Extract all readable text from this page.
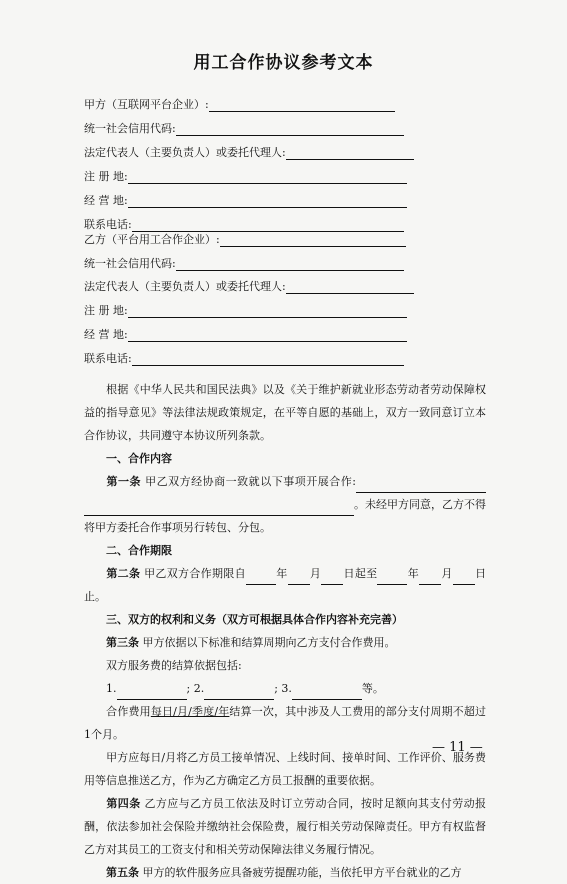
用工合作协议参考文本
甲方（互联网平台企业）:
统一社会信用代码:
法定代表人（主要负责人）或委托代理人:
注 册 地:
经 营 地:
联系电话:
乙方（平台用工合作企业）:
统一社会信用代码:
法定代表人（主要负责人）或委托代理人:
注 册 地:
经 营 地:
联系电话:
根据《中华人民共和国民法典》以及《关于维护新就业形态劳动者劳动保障权益的指导意见》等法律法规政策规定，在平等自愿的基础上，双方一致同意订立本合作协议，共同遵守本协议所列条款。
一、合作内容
第一条 甲乙双方经协商一致就以下事项开展合作:。未经甲方同意，乙方不得将甲方委托合作事项另行转包、分包。
二、合作期限
第二条 甲乙双方合作期限自	年 月 日起至	年 月 日止。
三、双方的权利和义务（双方可根据具体合作内容补充完善）
第三条 甲方依据以下标准和结算周期向乙方支付合作费用。
双方服务费的结算依据包括:
1.	; 2.	; 3.	等。
合作费用每日/月/季度/年结算一次，其中涉及人工费用的部分支付周期不超过1个月。
甲方应每日/月将乙方员工接单情况、上线时间、接单时间、工作评价、服务费用等信息推送乙方，作为乙方确定乙方员工报酬的重要依据。
第四条 乙方应与乙方员工依法及时订立劳动合同，按时足额向其支付劳动报酬，依法参加社会保险并缴纳社会保险费，履行相关劳动保障责任。甲方有权监督乙方对其员工的工资支付和相关劳动保障法律义务履行情况。
第五条 甲方的软件服务应具备疲劳提醒功能，当依托甲方平台就业的乙方
— 11 —
